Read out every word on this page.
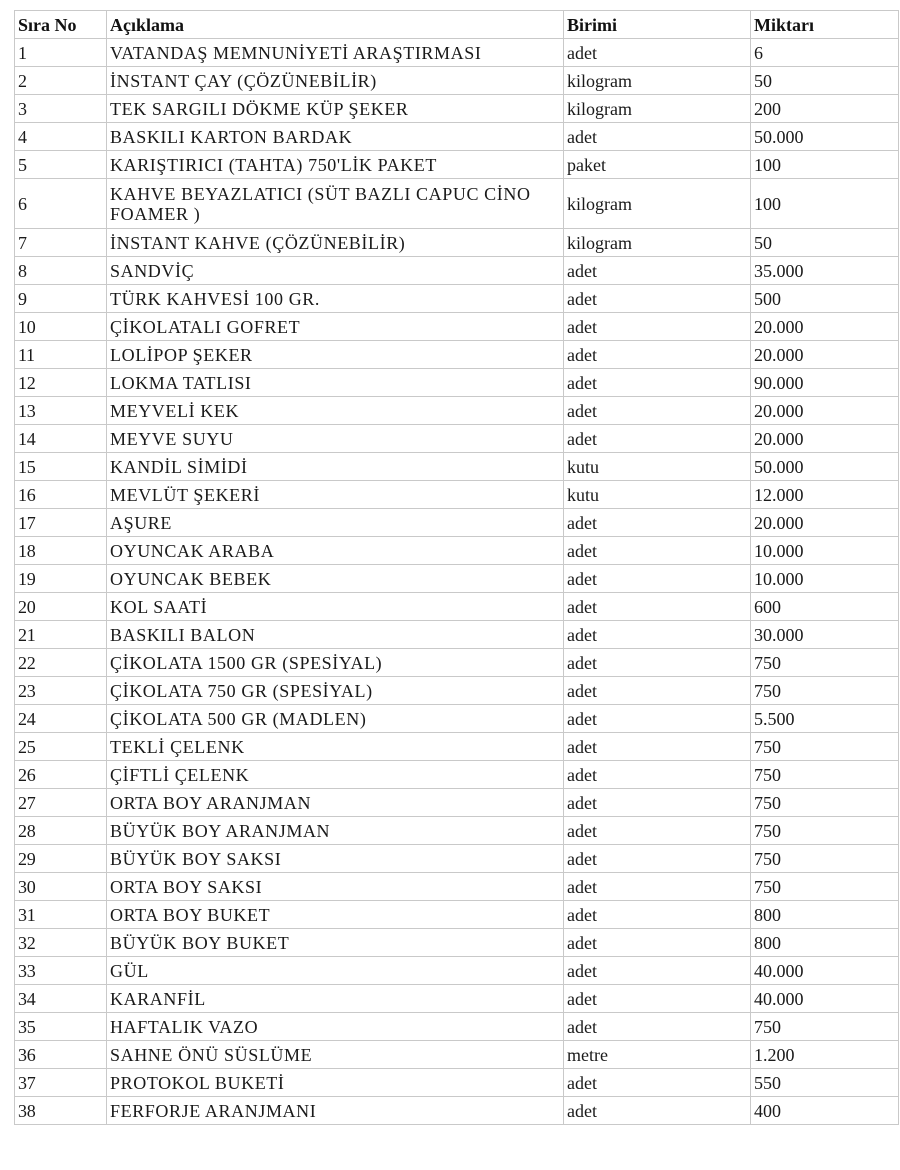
Sıra No	Açıklama	Birimi	Miktarı
1	VATANDAŞ MEMNUNİYETİ ARAŞTIRMASI	adet	6
2	İNSTANT ÇAY (ÇÖZÜNEBİLİR)	kilogram	50
3	TEK SARGILI DÖKME KÜP ŞEKER	kilogram	200
4	BASKILI KARTON BARDAK	adet	50.000
5	KARIŞTIRICI (TAHTA) 750'LİK PAKET	paket	100
6	KAHVE BEYAZLATICI (SÜT BAZLI CAPUC CİNO FOAMER )	kilogram	100
7	İNSTANT KAHVE (ÇÖZÜNEBİLİR)	kilogram	50
8	SANDVİÇ	adet	35.000
9	TÜRK KAHVESİ 100 GR.	adet	500
10	ÇİKOLATALI GOFRET	adet	20.000
11	LOLİPOP ŞEKER	adet	20.000
12	LOKMA TATLISI	adet	90.000
13	MEYVELİ KEK	adet	20.000
14	MEYVE SUYU	adet	20.000
15	KANDİL SİMİDİ	kutu	50.000
16	MEVLÜT ŞEKERİ	kutu	12.000
17	AŞURE	adet	20.000
18	OYUNCAK ARABA	adet	10.000
19	OYUNCAK BEBEK	adet	10.000
20	KOL SAATİ	adet	600
21	BASKILI BALON	adet	30.000
22	ÇİKOLATA 1500 GR (SPESİYAL)	adet	750
23	ÇİKOLATA 750 GR (SPESİYAL)	adet	750
24	ÇİKOLATA 500 GR (MADLEN)	adet	5.500
25	TEKLİ ÇELENK	adet	750
26	ÇİFTLİ ÇELENK	adet	750
27	ORTA BOY ARANJMAN	adet	750
28	BÜYÜK BOY ARANJMAN	adet	750
29	BÜYÜK BOY SAKSI	adet	750
30	ORTA BOY SAKSI	adet	750
31	ORTA BOY BUKET	adet	800
32	BÜYÜK BOY BUKET	adet	800
33	GÜL	adet	40.000
34	KARANFİL	adet	40.000
35	HAFTALIK VAZO	adet	750
36	SAHNE ÖNÜ SÜSLÜME	metre	1.200
37	PROTOKOL BUKETİ	adet	550
38	FERFORJE ARANJMANI	adet	400
